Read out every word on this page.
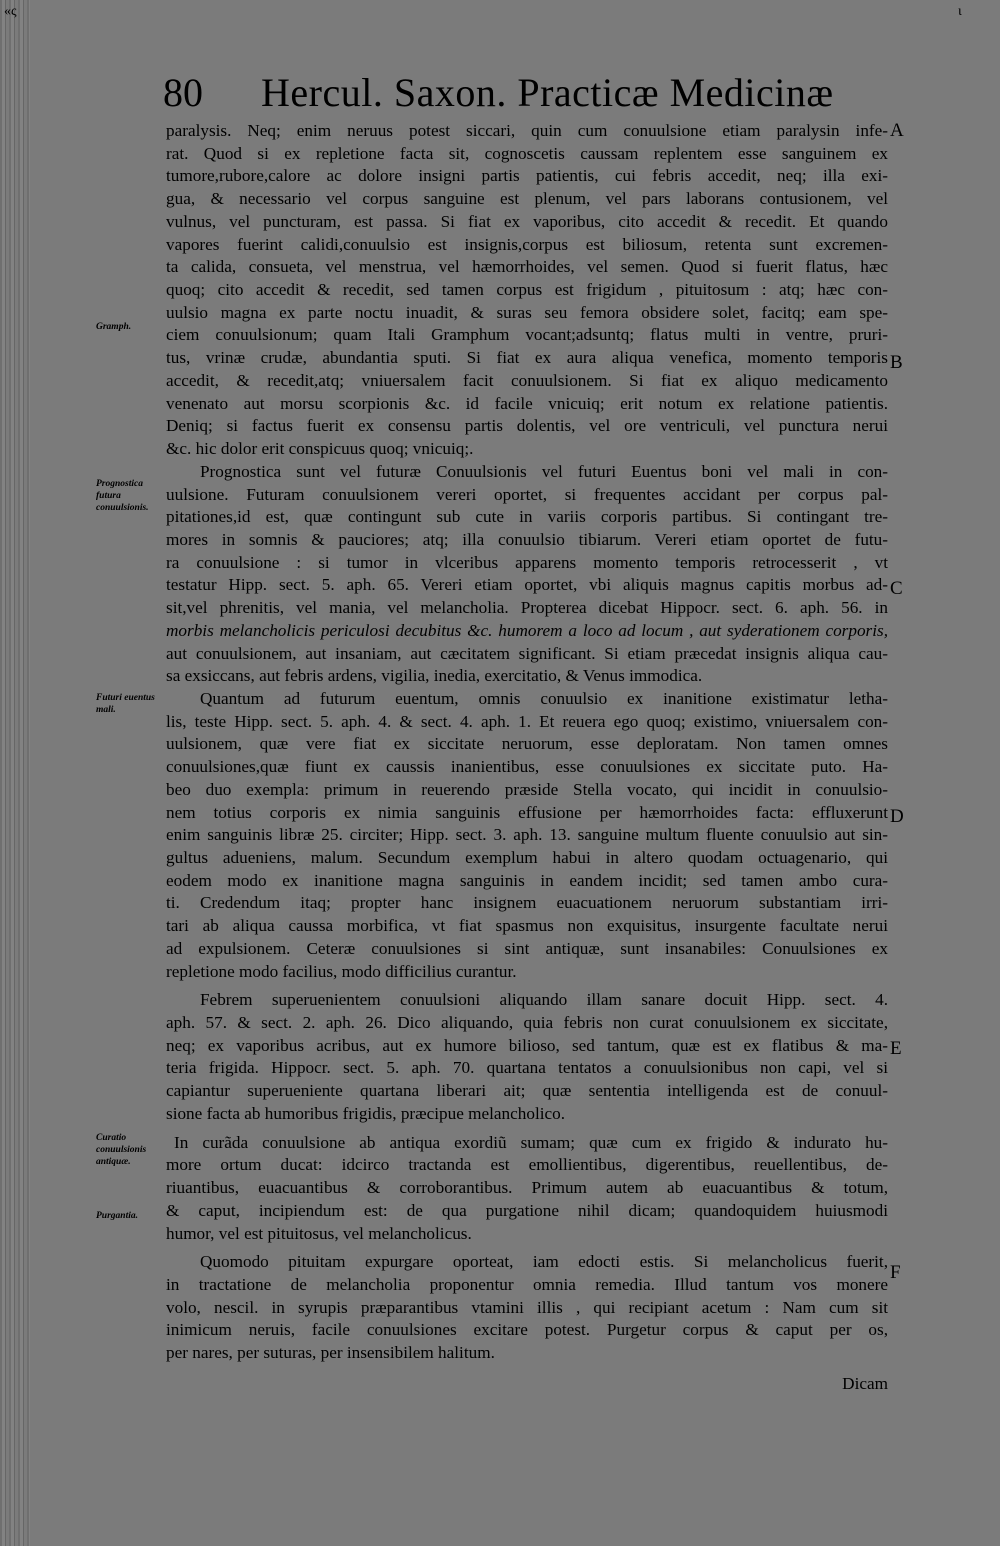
«ς	ι
80 Hercul. Saxon. Practicæ Medicinæ
Gramph.
Prognostica futura conuulsionis.
Futuri euentus mali.
Curatio conuulsionis antiquæ.
Purgantia.
A
B
C
D
E
F
paralysis. Neq; enim neruus potest siccari, quin cum conuulsione etiam paralysin infe-
rat. Quod si ex repletione facta sit, cognoscetis caussam replentem esse sanguinem ex
tumore,rubore,calore ac dolore insigni partis patientis, cui febris accedit, neq; illa exi-
gua, & necessario vel corpus sanguine est plenum, vel pars laborans contusionem, vel
vulnus, vel puncturam, est passa. Si fiat ex vaporibus, cito accedit & recedit. Et quando
vapores fuerint calidi,conuulsio est insignis,corpus est biliosum, retenta sunt excremen-
ta calida, consueta, vel menstrua, vel hæmorrhoides, vel semen. Quod si fuerit flatus, hæc
quoq; cito accedit & recedit, sed tamen corpus est frigidum , pituitosum : atq; hæc con-
uulsio magna ex parte noctu inuadit, & suras seu femora obsidere solet, facitq; eam spe-
ciem conuulsionum; quam Itali Gramphum vocant;adsuntq; flatus multi in ventre, pruri-
tus, vrinæ crudæ, abundantia sputi. Si fiat ex aura aliqua venefica, momento temporis
accedit, & recedit,atq; vniuersalem facit conuulsionem. Si fiat ex aliquo medicamento
venenato aut morsu scorpionis &c. id facile vnicuiq; erit notum ex relatione patientis.
Deniq; si factus fuerit ex consensu partis dolentis, vel ore ventriculi, vel punctura nerui
&c. hic dolor erit conspicuus quoq; vnicuiq;.
Prognostica sunt vel futuræ Conuulsionis vel futuri Euentus boni vel mali in con-
uulsione. Futuram conuulsionem vereri oportet, si frequentes accidant per corpus pal-
pitationes,id est, quæ contingunt sub cute in variis corporis partibus. Si contingant tre-
mores in somnis & pauciores; atq; illa conuulsio tibiarum. Vereri etiam oportet de futu-
ra conuulsione : si tumor in vlceribus apparens momento temporis retrocesserit , vt
testatur Hipp. sect. 5. aph. 65. Vereri etiam oportet, vbi aliquis magnus capitis morbus ad-
sit,vel phrenitis, vel mania, vel melancholia. Propterea dicebat Hippocr. sect. 6. aph. 56. in
morbis melancholicis periculosi decubitus &c. humorem a loco ad locum , aut syderationem corporis,
aut conuulsionem, aut insaniam, aut cæcitatem significant. Si etiam præcedat insignis aliqua cau-
sa exsiccans, aut febris ardens, vigilia, inedia, exercitatio, & Venus immodica.
Quantum ad futurum euentum, omnis conuulsio ex inanitione existimatur letha-
lis, teste Hipp. sect. 5. aph. 4. & sect. 4. aph. 1. Et reuera ego quoq; existimo, vniuersalem con-
uulsionem, quæ vere fiat ex siccitate neruorum, esse deploratam. Non tamen omnes
conuulsiones,quæ fiunt ex caussis inanientibus, esse conuulsiones ex siccitate puto. Ha-
beo duo exempla: primum in reuerendo præside Stella vocato, qui incidit in conuulsio-
nem totius corporis ex nimia sanguinis effusione per hæmorrhoides facta: effluxerunt
enim sanguinis libræ 25. circiter; Hipp. sect. 3. aph. 13. sanguine multum fluente conuulsio aut sin-
gultus adueniens, malum. Secundum exemplum habui in altero quodam octuagenario, qui
eodem modo ex inanitione magna sanguinis in eandem incidit; sed tamen ambo cura-
ti. Credendum itaq; propter hanc insignem euacuationem neruorum substantiam irri-
tari ab aliqua caussa morbifica, vt fiat spasmus non exquisitus, insurgente facultate nerui
ad expulsionem. Ceteræ conuulsiones si sint antiquæ, sunt insanabiles: Conuulsiones ex
repletione modo facilius, modo difficilius curantur.
Febrem superuenientem conuulsioni aliquando illam sanare docuit Hipp. sect. 4.
aph. 57. & sect. 2. aph. 26. Dico aliquando, quia febris non curat conuulsionem ex siccitate,
neq; ex vaporibus acribus, aut ex humore bilioso, sed tantum, quæ est ex flatibus & ma-
teria frigida. Hippocr. sect. 5. aph. 70. quartana tentatos a conuulsionibus non capi, vel si
capiantur superueniente quartana liberari ait; quæ sententia intelligenda est de conuul-
sione facta ab humoribus frigidis, præcipue melancholico.
In curãda conuulsione ab antiqua exordiũ sumam; quæ cum ex frigido & indurato hu-
more ortum ducat: idcirco tractanda est emollientibus, digerentibus, reuellentibus, de-
riuantibus, euacuantibus & corroborantibus. Primum autem ab euacuantibus & totum,
& caput, incipiendum est: de qua purgatione nihil dicam; quandoquidem huiusmodi
humor, vel est pituitosus, vel melancholicus.
Quomodo pituitam expurgare oporteat, iam edocti estis. Si melancholicus fuerit,
in tractatione de melancholia proponentur omnia remedia. Illud tantum vos monere
volo, nescil. in syrupis præparantibus vtamini illis , qui recipiant acetum : Nam cum sit
inimicum neruis, facile conuulsiones excitare potest. Purgetur corpus & caput per os,
per nares, per suturas, per insensibilem halitum.
Dicam
